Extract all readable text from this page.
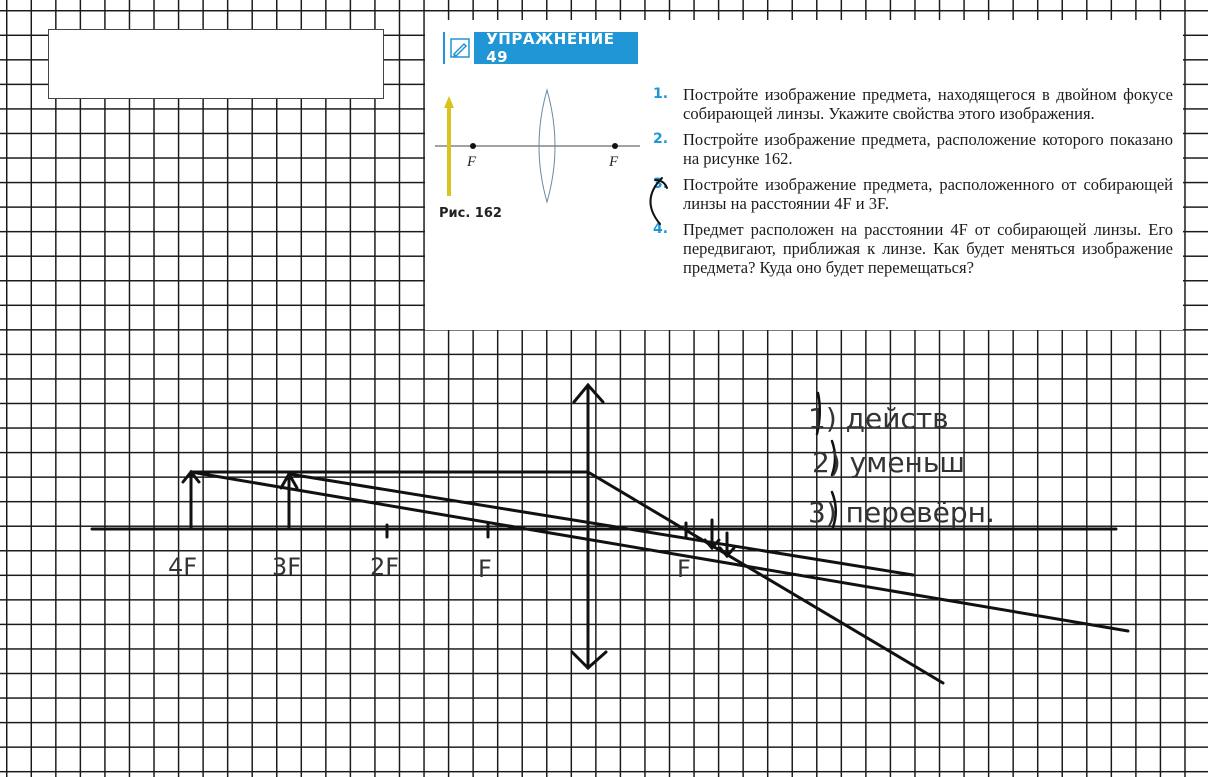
УПРАЖНЕНИЕ 49
F	F
Рис. 162
1. Постройте изображение предмета, находящегося в двойном фокусе собирающей линзы. Укажите свойства этого изображения.
2. Постройте изображение предмета, расположение которого показано на рисунке 162.
3. Постройте изображение предмета, расположенного от собирающей линзы на расстоянии 4F и 3F.
4. Предмет расположен на расстоянии 4F от собирающей линзы. Его передвигают, приближая к линзе. Как будет меняться изображение предмета? Куда оно будет перемещаться?
4F	3F	2F	F	F
1) действ
2) уменьш
3) перевёрн.
